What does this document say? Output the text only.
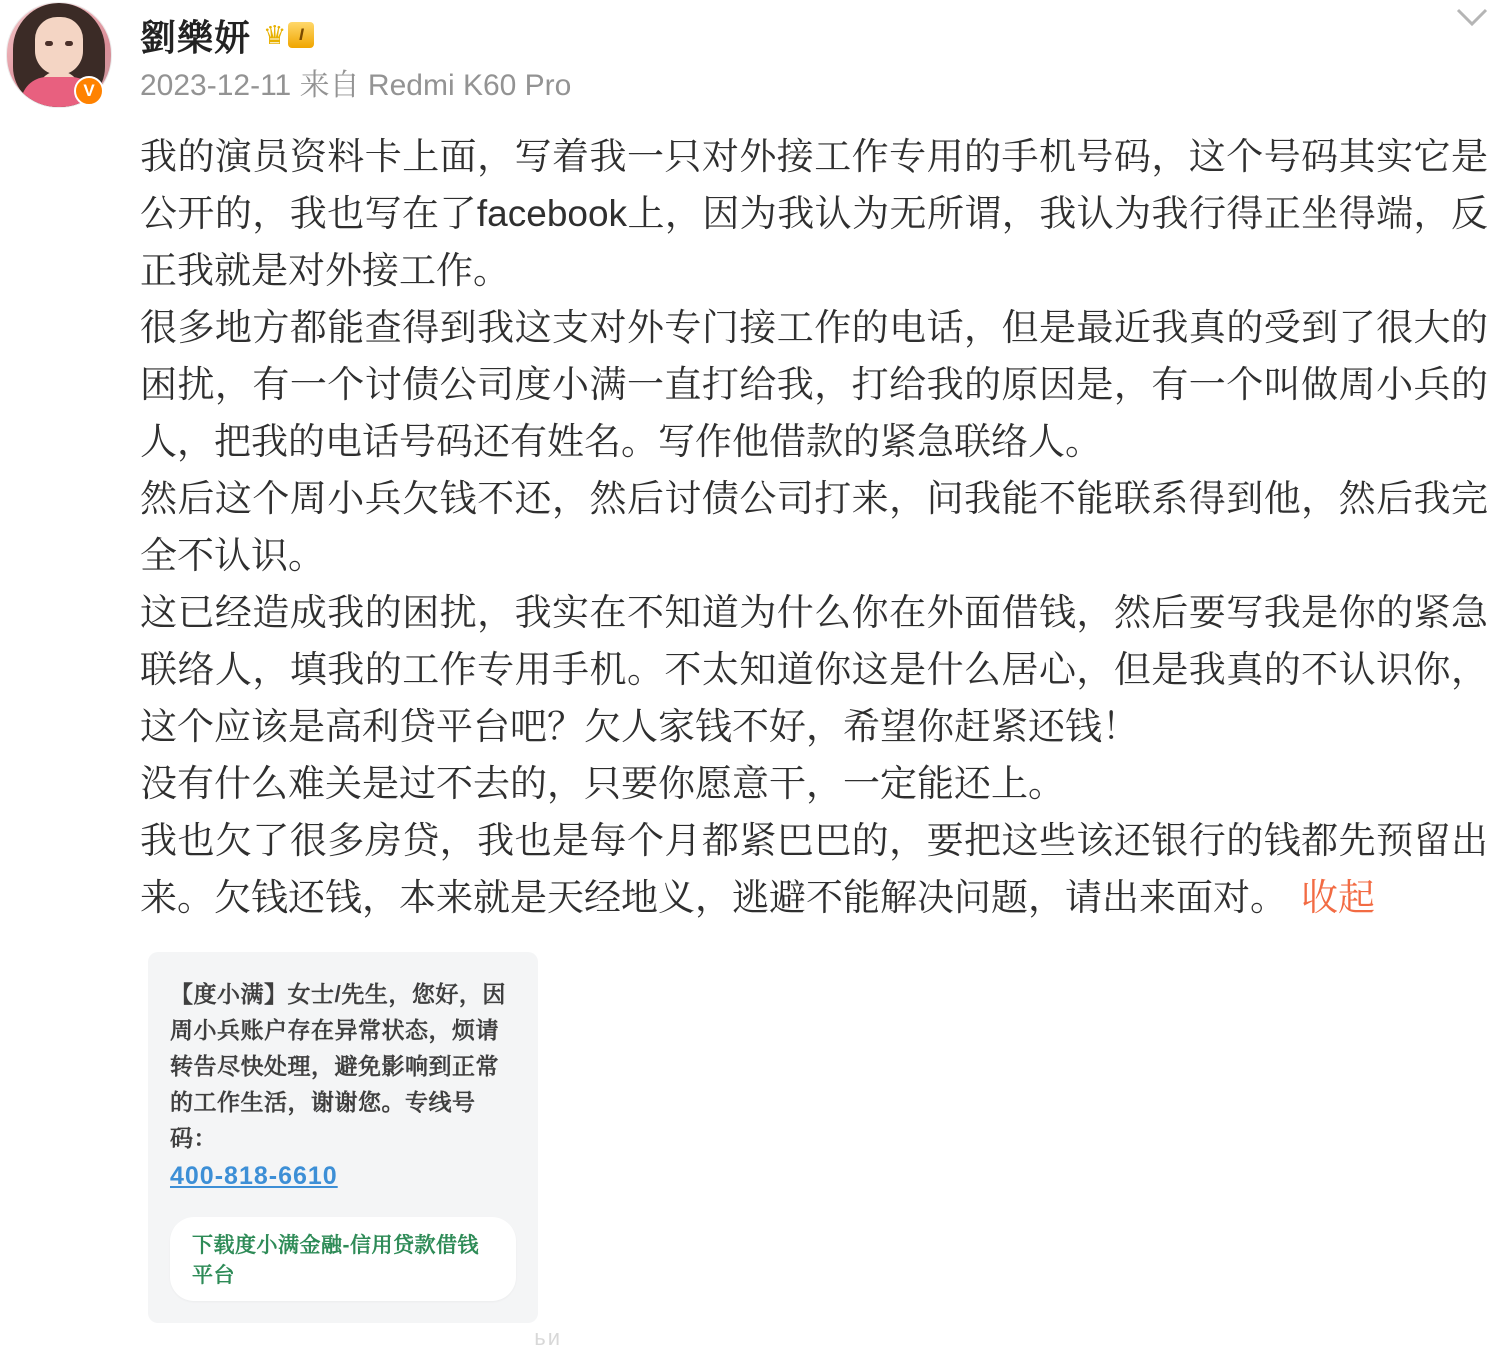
V
劉樂妍 ♛ I
2023-12-11 来自 Redmi K60 Pro

我的演员资料卡上面，写着我一只对外接工作专用的手机号码，这个号码其实它是公开的，我也写在了facebook上，因为我认为无所谓，我认为我行得正坐得端，反正我就是对外接工作。

很多地方都能查得到我这支对外专门接工作的电话，但是最近我真的受到了很大的困扰，有一个讨债公司度小满一直打给我，打给我的原因是，有一个叫做周小兵的人，把我的电话号码还有姓名。写作他借款的紧急联络人。

然后这个周小兵欠钱不还，然后讨债公司打来，问我能不能联系得到他，然后我完全不认识。

这已经造成我的困扰，我实在不知道为什么你在外面借钱，然后要写我是你的紧急联络人，填我的工作专用手机。不太知道你这是什么居心，但是我真的不认识你，这个应该是高利贷平台吧？欠人家钱不好，希望你赶紧还钱！

没有什么难关是过不去的，只要你愿意干，一定能还上。

我也欠了很多房贷，我也是每个月都紧巴巴的，要把这些该还银行的钱都先预留出来。欠钱还钱，本来就是天经地义，逃避不能解决问题，请出来面对。 收起

【度小满】女士/先生，您好，因周小兵账户存在异常状态，烦请转告尽快处理，避免影响到正常的工作生活，谢谢您。专线号码：
400-818-6610 下载度小满金融-信用贷款借钱平台
ьи
